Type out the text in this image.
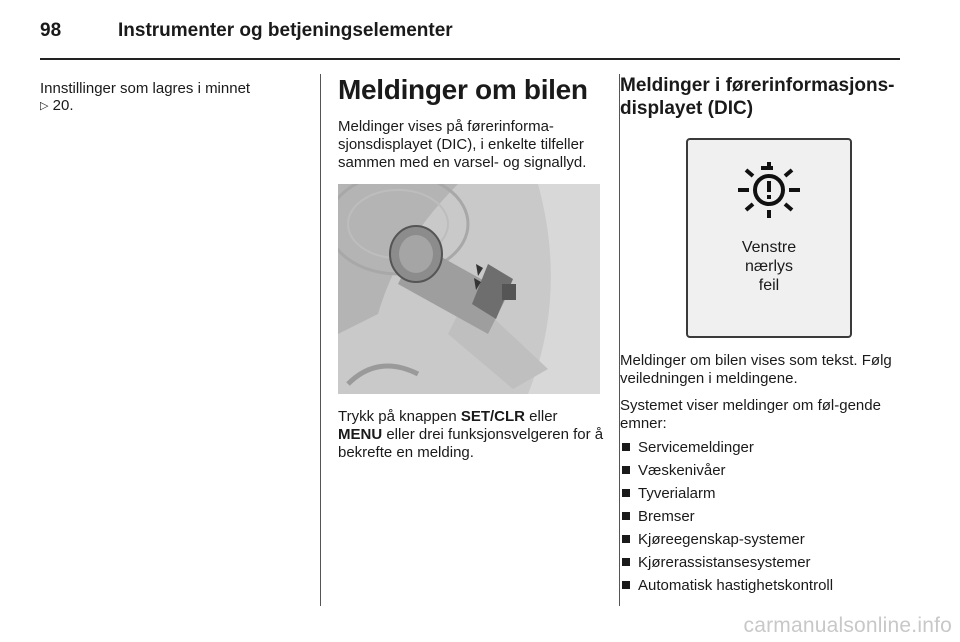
98	Instrumenter og betjeningselementer
Innstillinger som lagres i minnet
▷ 20.
Meldinger om bilen

Meldinger vises på førerinforma-sjonsdisplayet (DIC), i enkelte tilfeller sammen med en varsel- og signallyd.

Trykk på knappen SET/CLR eller
MENU eller drei funksjonsvelgeren for å bekrefte en melding.

Meldinger i førerinformasjons-
displayet (DIC)
Venstre
nærlys
feil

Meldinger om bilen vises som tekst. Følg veiledningen i meldingene.

Systemet viser meldinger om føl-gende emner:

Servicemeldinger
Væskenivåer
Tyverialarm
Bremser
Kjøreegenskap-systemer
Kjørerassistansesystemer
Automatisk hastighetskontroll
carmanualsonline.info
